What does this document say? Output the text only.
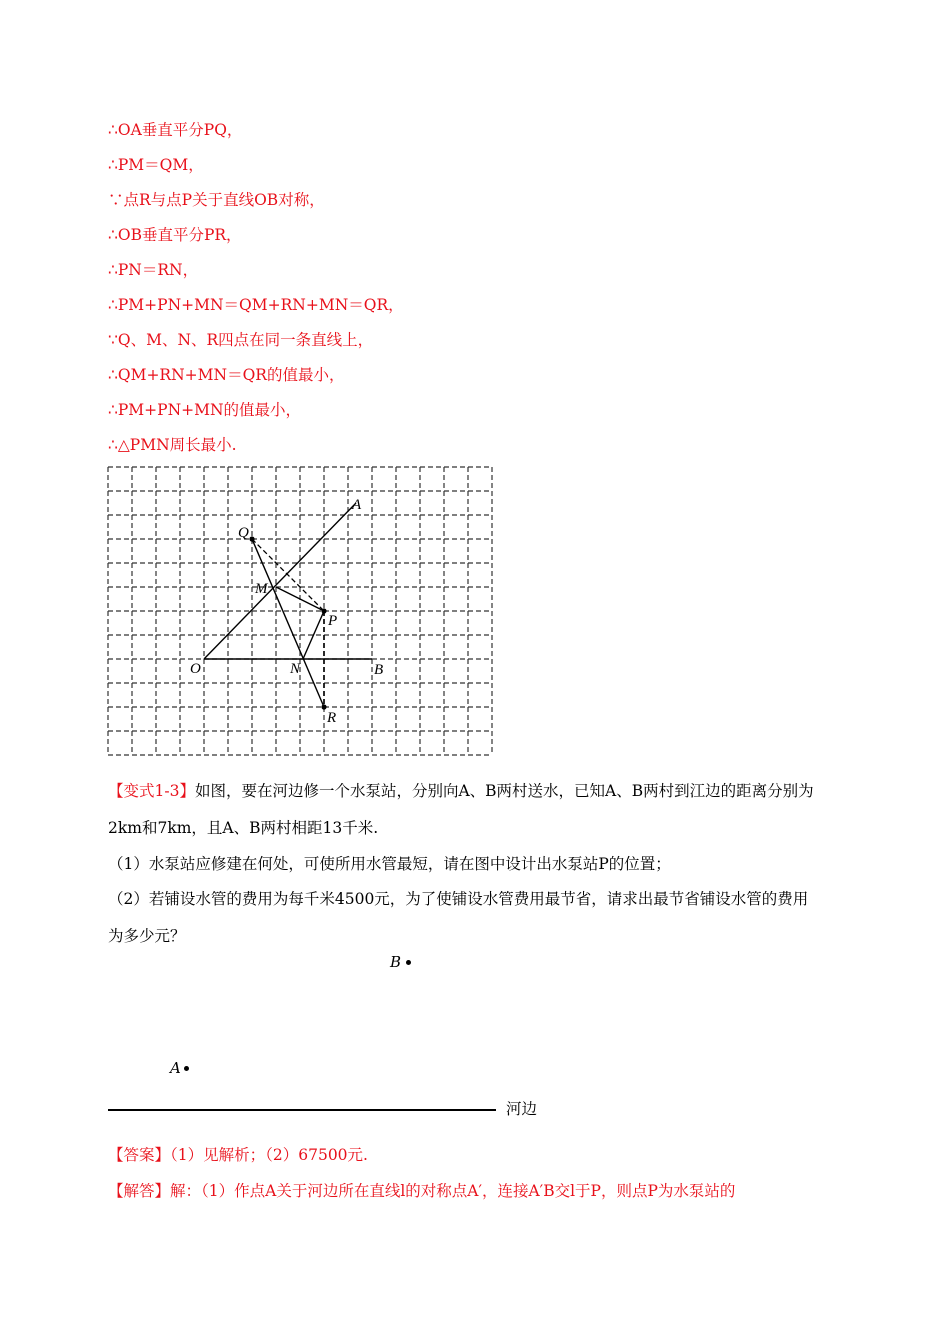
∴OA垂直平分PQ，
∴PM＝QM，
∵点R与点P关于直线OB对称，
∴OB垂直平分PR，
∴PN＝RN，
∴PM+PN+MN＝QM+RN+MN＝QR，
∵Q、M、N、R四点在同一条直线上，
∴QM+RN+MN＝QR的值最小，
∴PM+PN+MN的值最小，
∴△PMN周长最小.
A
Q
M
P
O	N	B
R
【变式1-3】如图，要在河边修一个水泵站，分别向A、B两村送水，已知A、B两村到江边的距离分别为
2km和7km，且A、B两村相距13千米.
（1）水泵站应修建在何处，可使所用水管最短，请在图中设计出水泵站P的位置；
（2）若铺设水管的费用为每千米4500元，为了使铺设水管费用最节省，请求出最节省铺设水管的费用
为多少元？
B
A
河边
【答案】（1）见解析；（2）67500元.
【解答】解：（1）作点A关于河边所在直线l的对称点A′，连接A′B交l于P，则点P为水泵站的
